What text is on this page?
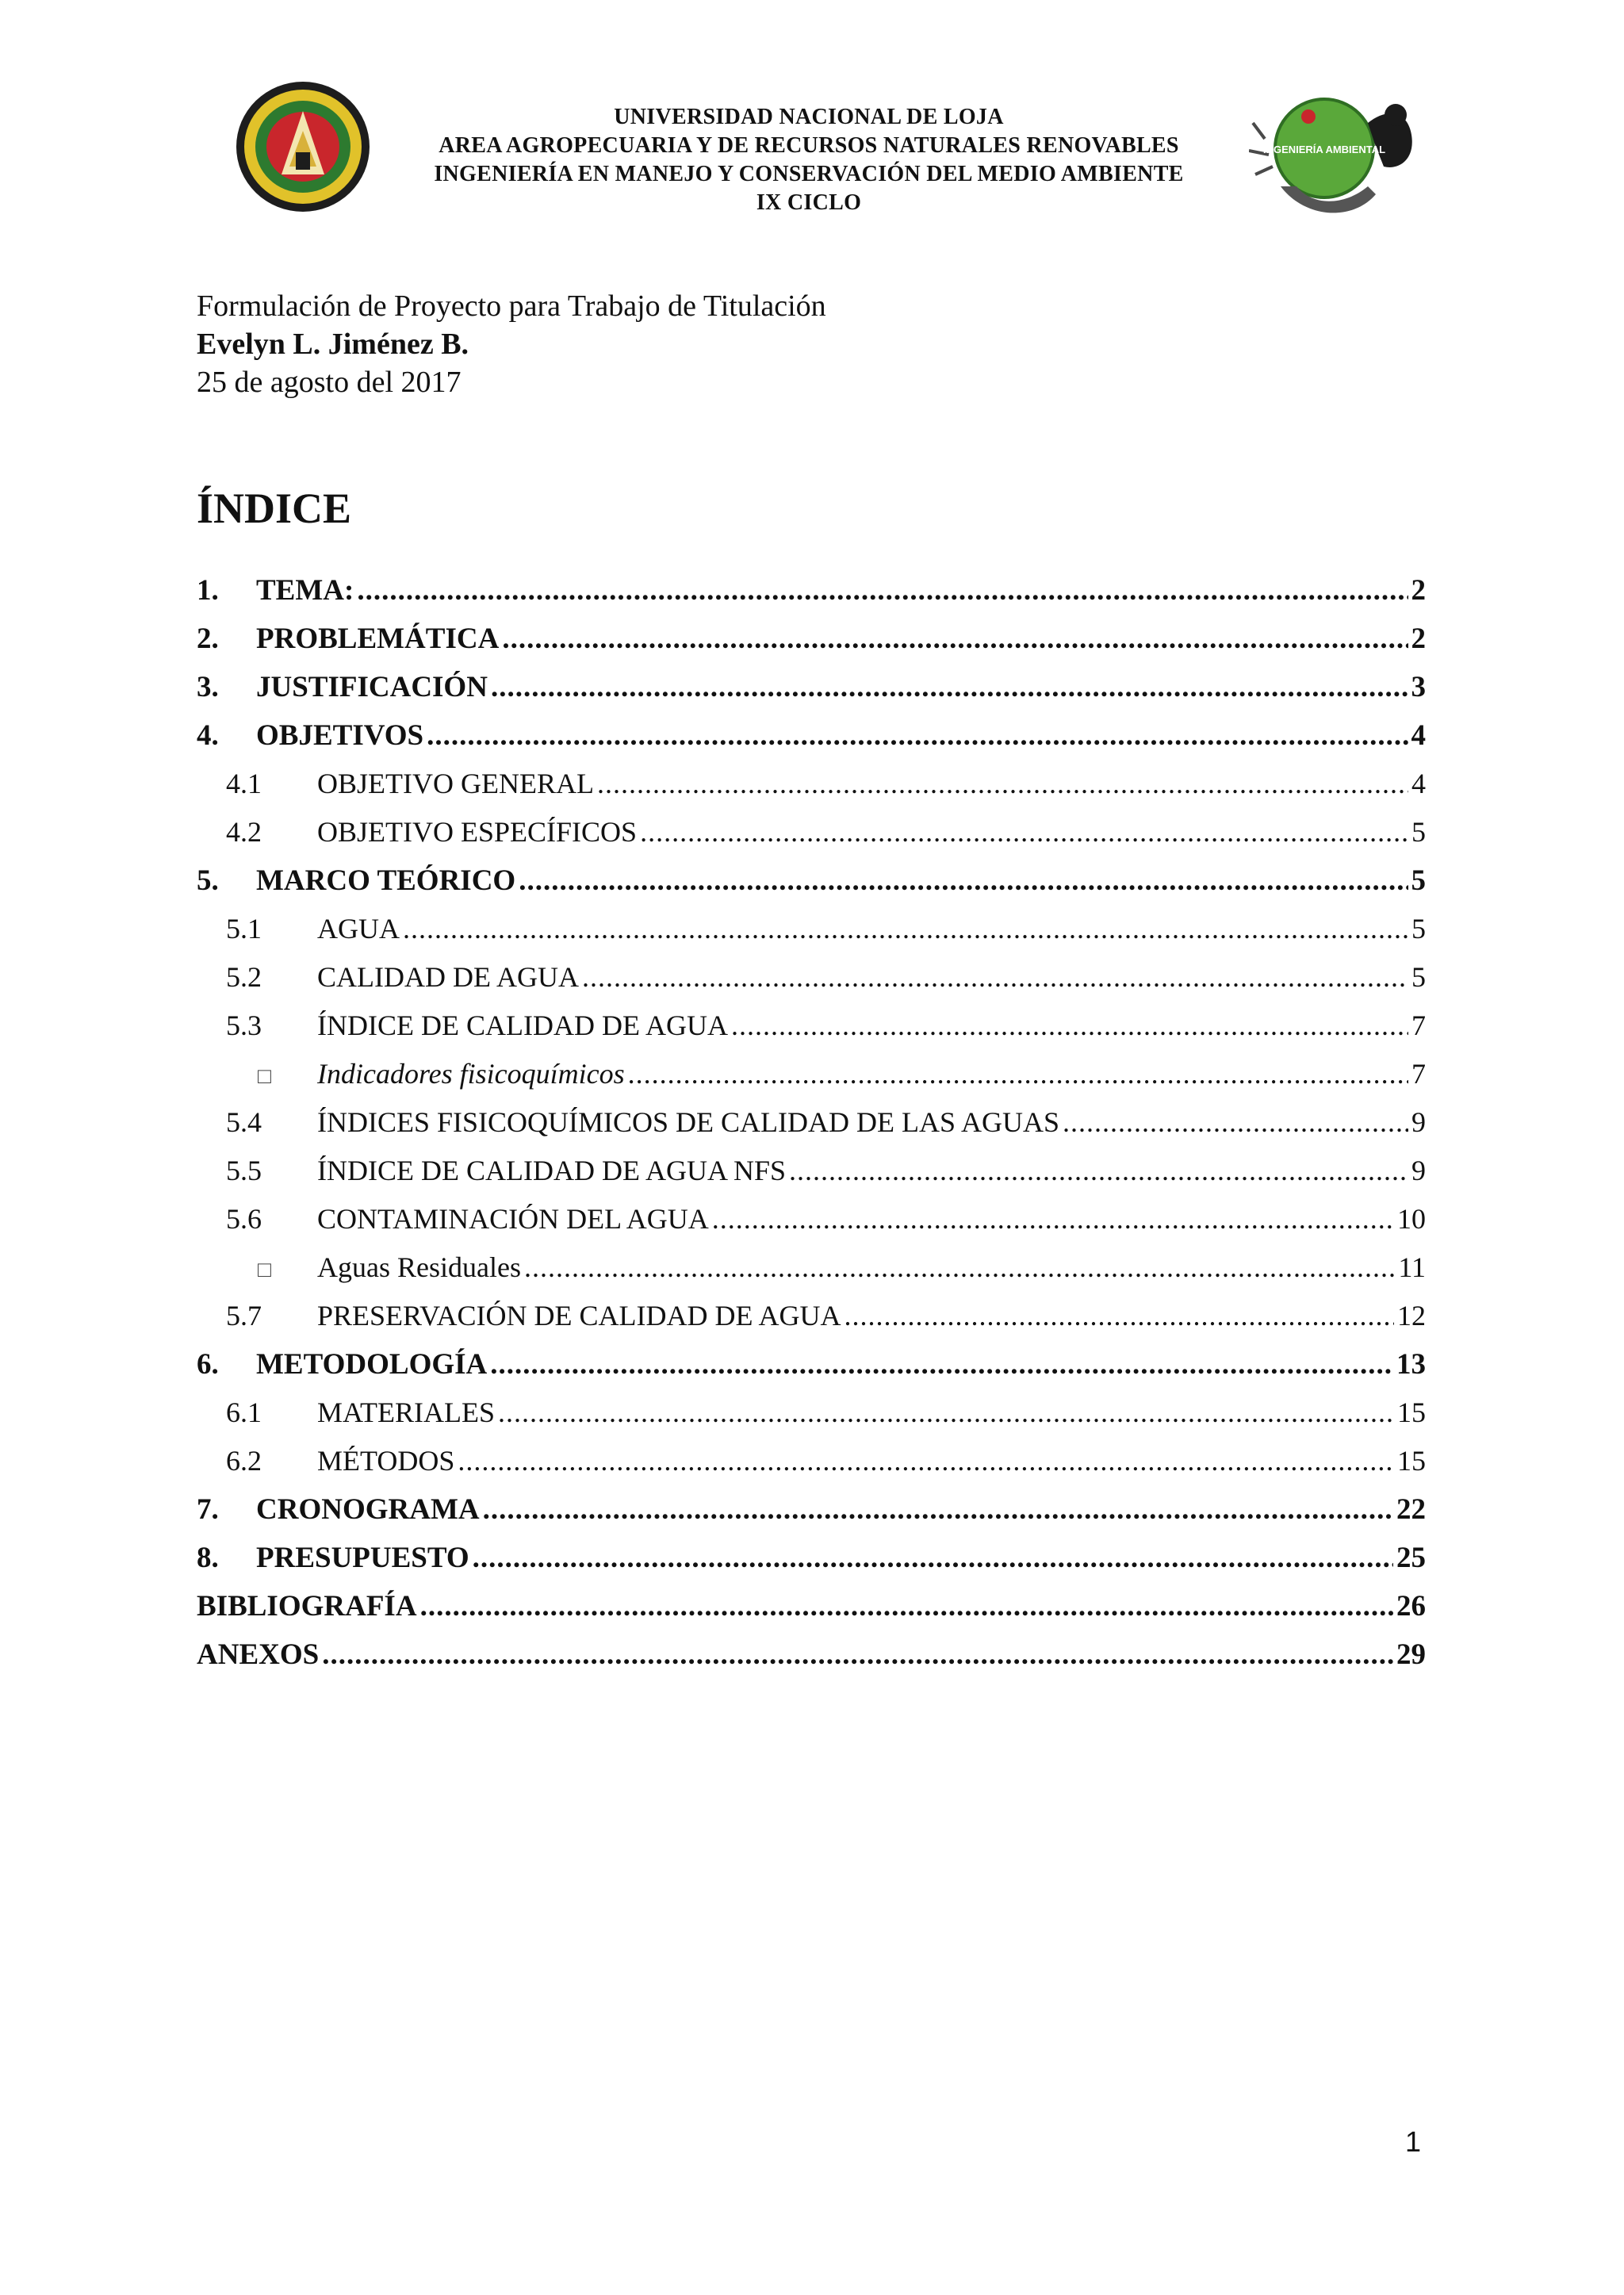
UNIVERSIDAD NACIONAL DE LOJA
AREA AGROPECUARIA Y DE RECURSOS NATURALES RENOVABLES
INGENIERÍA EN MANEJO Y CONSERVACIÓN DEL MEDIO AMBIENTE
IX CICLO
INGENIERÍA AMBIENTAL
Formulación de Proyecto para Trabajo de Titulación
Evelyn L. Jiménez B.
25 de agosto del 2017
ÍNDICE
1.	TEMA: .....	2
2.	PROBLEMÁTICA .....	2
3.	JUSTIFICACIÓN .....	3
4.	OBJETIVOS .....	4
4.1	OBJETIVO GENERAL .....	4
4.2	OBJETIVO ESPECÍFICOS .....	5
5.	MARCO TEÓRICO .....	5
5.1	AGUA .....	5
5.2	CALIDAD DE AGUA .....	5
5.3	ÍNDICE DE CALIDAD DE AGUA .....	7
□	Indicadores fisicoquímicos .....	7
5.4	ÍNDICES FISICOQUÍMICOS DE CALIDAD DE LAS AGUAS .....	9
5.5	ÍNDICE DE CALIDAD DE AGUA NFS .....	9
5.6	CONTAMINACIÓN DEL AGUA .....	10
□	Aguas Residuales .....	11
5.7	PRESERVACIÓN DE CALIDAD DE AGUA .....	12
6.	METODOLOGÍA .....	13
6.1	MATERIALES .....	15
6.2	MÉTODOS .....	15
7.	CRONOGRAMA .....	22
8.	PRESUPUESTO .....	25
BIBLIOGRAFÍA .....	26
ANEXOS .....	29
1
